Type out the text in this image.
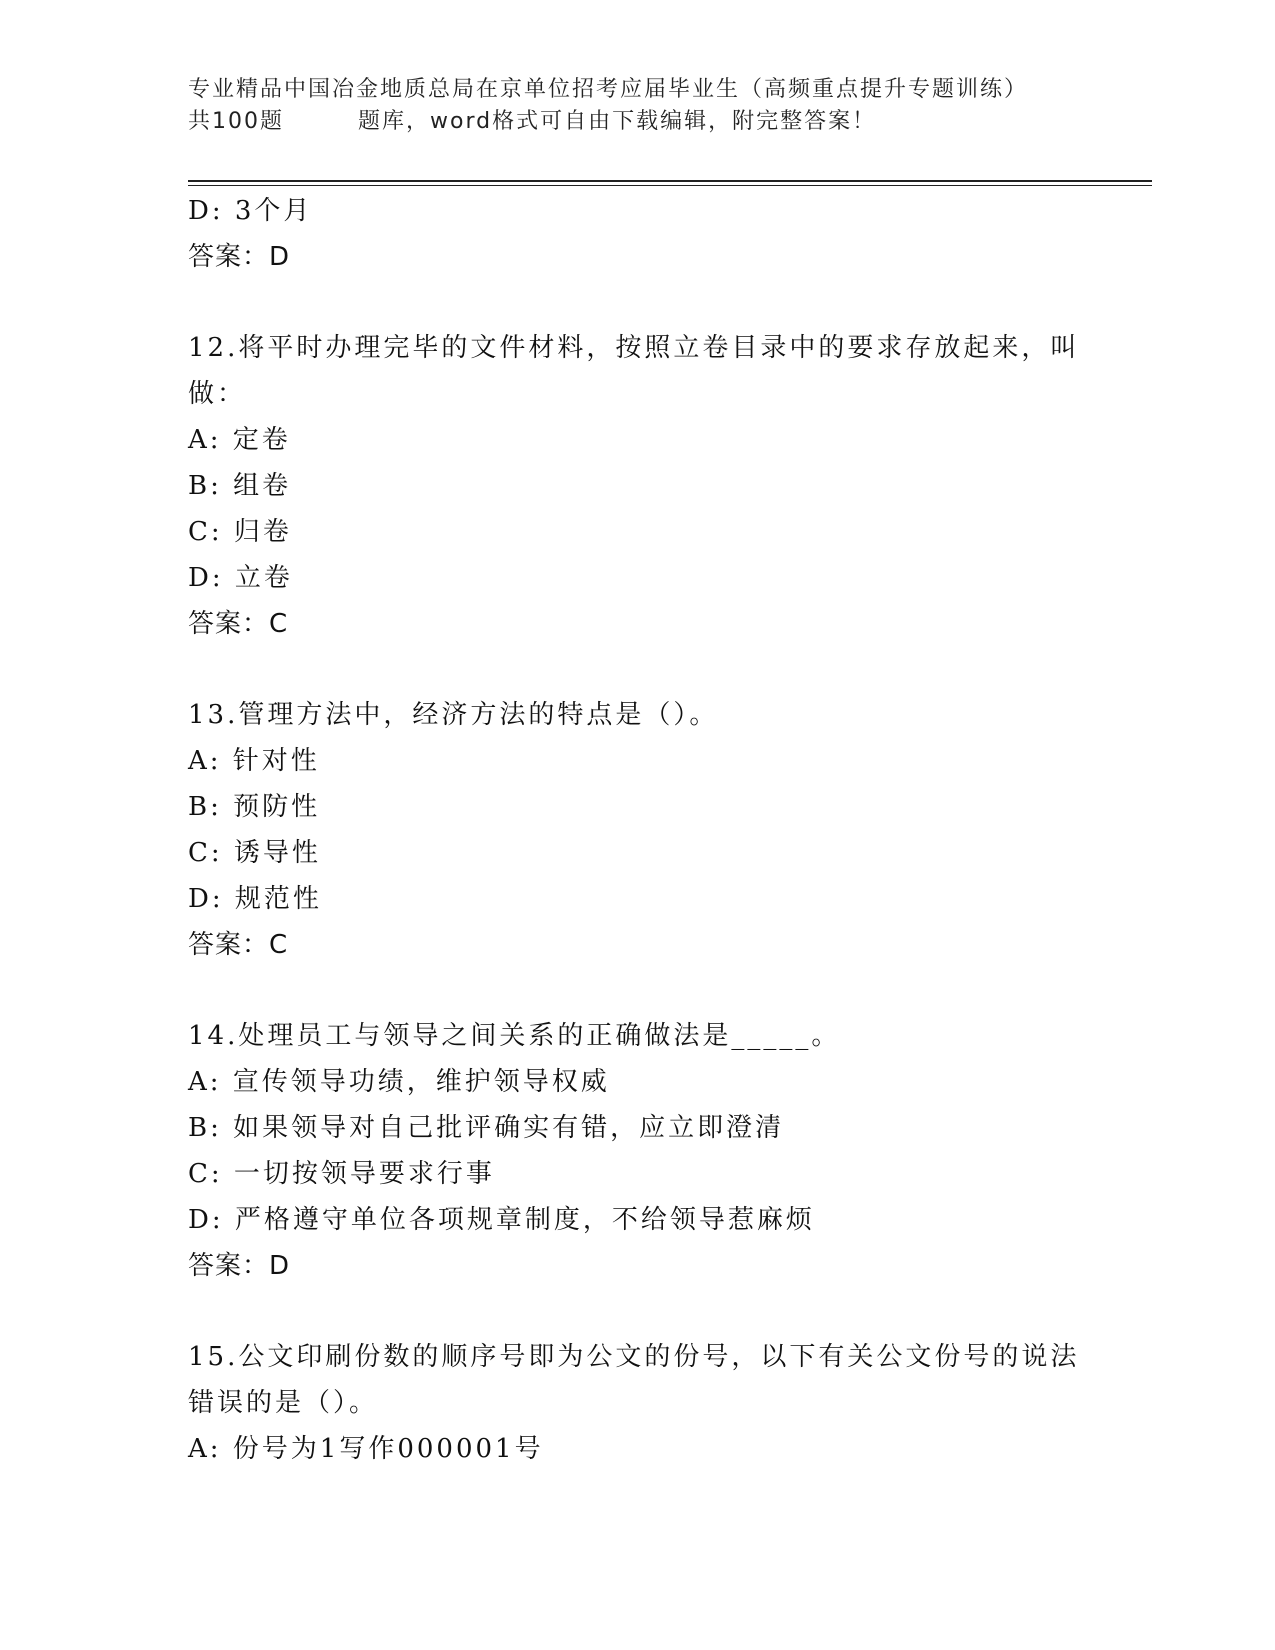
专业精品中国冶金地质总局在京单位招考应届毕业生（高频重点提升专题训练）
共100题	题库，word格式可自由下载编辑，附完整答案！
D: 3个月
答案：D
12.将平时办理完毕的文件材料，按照立卷目录中的要求存放起来，叫
做：
A: 定卷
B: 组卷
C: 归卷
D: 立卷
答案：C
13.管理方法中，经济方法的特点是（）。
A: 针对性
B: 预防性
C: 诱导性
D: 规范性
答案：C
14.处理员工与领导之间关系的正确做法是_____。
A: 宣传领导功绩，维护领导权威
B: 如果领导对自己批评确实有错，应立即澄清
C: 一切按领导要求行事
D: 严格遵守单位各项规章制度，不给领导惹麻烦
答案：D
15.公文印刷份数的顺序号即为公文的份号，以下有关公文份号的说法
错误的是（）。
A: 份号为1写作000001号
